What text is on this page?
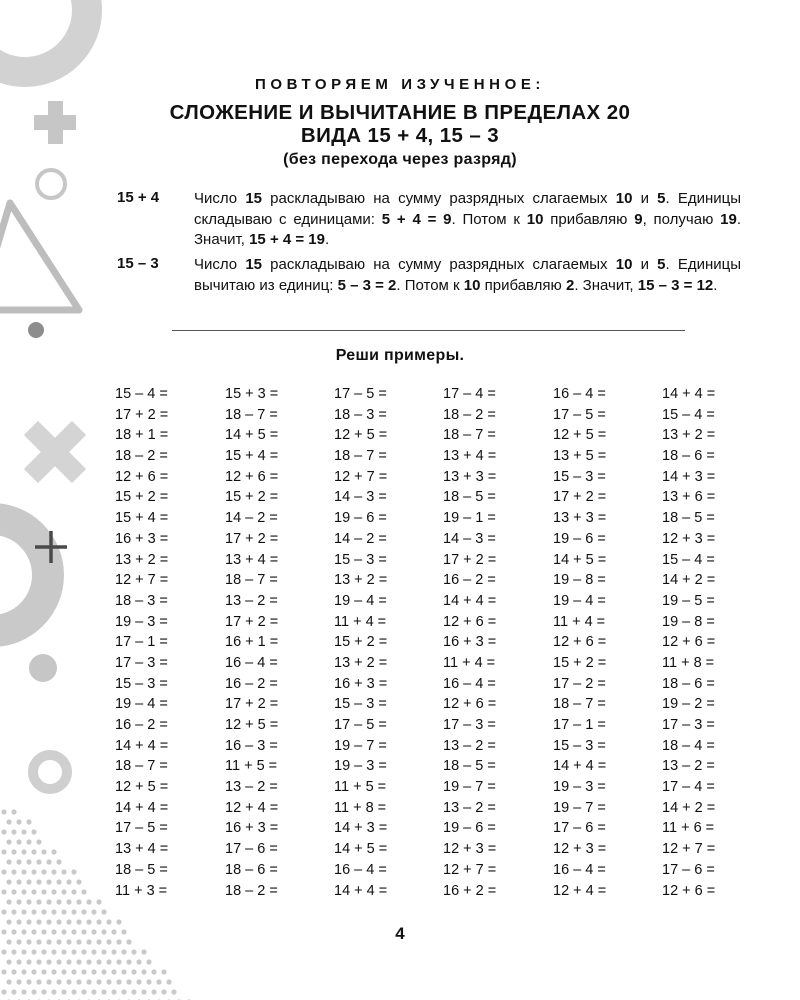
ПОВТОРЯЕМ ИЗУЧЕННОЕ:
СЛОЖЕНИЕ И ВЫЧИТАНИЕ В ПРЕДЕЛАХ 20
ВИДА 15 + 4, 15 – 3
(без перехода через разряд)
15 + 4 Число 15 раскладываю на сумму разрядных слагаемых 10 и 5. Единицы складываю с единицами: 5 + 4 = 9. Потом к 10 прибавляю 9, получаю 19. Значит, 15 + 4 = 19.
15 – 3 Число 15 раскладываю на сумму разрядных слагаемых 10 и 5. Единицы вычитаю из единиц: 5 – 3 = 2. Потом к 10 прибавляю 2. Значит, 15 – 3 = 12.
Реши примеры.
15 – 4 =
17 + 2 =
18 + 1 =
18 – 2 =
12 + 6 =
15 + 2 =
15 + 4 =
16 + 3 =
13 + 2 =
12 + 7 =
18 – 3 =
19 – 3 =
17 – 1 =
17 – 3 =
15 – 3 =
19 – 4 =
16 – 2 =
14 + 4 =
18 – 7 =
12 + 5 =
14 + 4 =
17 – 5 =
13 + 4 =
18 – 5 =
11 + 3 =
15 + 3 =
18 – 7 =
14 + 5 =
15 + 4 =
12 + 6 =
15 + 2 =
14 – 2 =
17 + 2 =
13 + 4 =
18 – 7 =
13 – 2 =
17 + 2 =
16 + 1 =
16 – 4 =
16 – 2 =
17 + 2 =
12 + 5 =
16 – 3 =
11 + 5 =
13 – 2 =
12 + 4 =
16 + 3 =
17 – 6 =
18 – 6 =
18 – 2 =
17 – 5 =
18 – 3 =
12 + 5 =
18 – 7 =
12 + 7 =
14 – 3 =
19 – 6 =
14 – 2 =
15 – 3 =
13 + 2 =
19 – 4 =
11 + 4 =
15 + 2 =
13 + 2 =
16 + 3 =
15 – 3 =
17 – 5 =
19 – 7 =
19 – 3 =
11 + 5 =
11 + 8 =
14 + 3 =
14 + 5 =
16 – 4 =
14 + 4 =
17 – 4 =
18 – 2 =
18 – 7 =
13 + 4 =
13 + 3 =
18 – 5 =
19 – 1 =
14 – 3 =
17 + 2 =
16 – 2 =
14 + 4 =
12 + 6 =
16 + 3 =
11 + 4 =
16 – 4 =
12 + 6 =
17 – 3 =
13 – 2 =
18 – 5 =
19 – 7 =
13 – 2 =
19 – 6 =
12 + 3 =
12 + 7 =
16 + 2 =
16 – 4 =
17 – 5 =
12 + 5 =
13 + 5 =
15 – 3 =
17 + 2 =
13 + 3 =
19 – 6 =
14 + 5 =
19 – 8 =
19 – 4 =
11 + 4 =
12 + 6 =
15 + 2 =
17 – 2 =
18 – 7 =
17 – 1 =
15 – 3 =
14 + 4 =
19 – 3 =
19 – 7 =
17 – 6 =
12 + 3 =
16 – 4 =
12 + 4 =
14 + 4 =
15 – 4 =
13 + 2 =
18 – 6 =
14 + 3 =
13 + 6 =
18 – 5 =
12 + 3 =
15 – 4 =
14 + 2 =
19 – 5 =
19 – 8 =
12 + 6 =
11 + 8 =
18 – 6 =
19 – 2 =
17 – 3 =
18 – 4 =
13 – 2 =
17 – 4 =
14 + 2 =
11 + 6 =
12 + 7 =
17 – 6 =
12 + 6 =
4
